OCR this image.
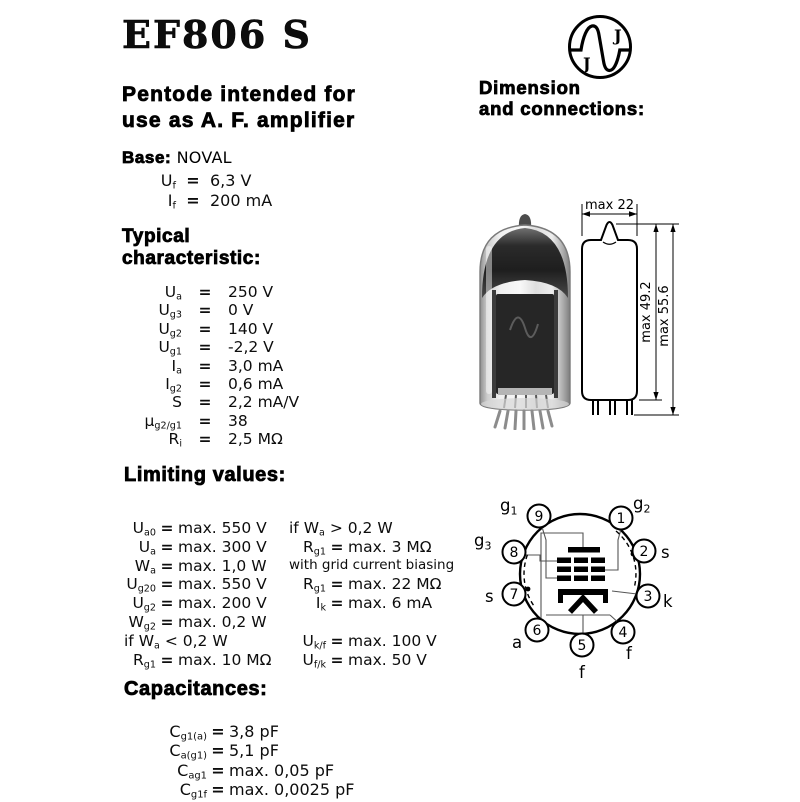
EF806 S	J
J
Pentode intended for
use as A. F. amplifier
Dimension
and connections:
Base: NOVAL
$U_f = 6,3$ V
$I_f = 200$ mA
Typical
characteristic:
$U_a$	=	250 V
$U_{g3}$	=	0 V
$U_{g2}$	=	140 V
$U_{g1}$	=	-2,2 V
$I_a$	=	3,0 mA
$I_{g2}$	=	0,6 mA
S	=	2,2 mA/V
$\mu_{g2/g1}$	=	38
$R_i$	=	2,5 MΩ
max 22
max 49.2 max 55.6
Limiting values:
$U_{a0} = \max$. 550 V
$U_a = \max$. 300 V
$W_a = \max$. 1,0 W
$U_{g20} = \max$. 550 V
$U_{g2} = \max$. 200 V
$W_{g2} = \max$. 0,2 W
if $W_a < 0,2$ W
$R_{g1} = \max$. 10 MΩ
if $W_a > 0,2$ W
$R_{g1} = \max$. 3 MΩ
with grid current biasing
$R_{g1} = \max$. 22 MΩ
$I_k = \max$. 6 mA
$U_{k/f} = \max$. 100 V
$U_{f/k} = \max$. 50 V
1
2
3
4
5
6
7
8
9
$g_2$
s
k
f
f
a
s
$g_3$
$g_1$
Capacitances:
$C_{g1(a)} = 3,8$ pF
$C_{a(g1)} = 5,1$ pF
$C_{ag1} = \max$. 0,05 pF
$C_{g1f} = \max$. 0,0025 pF
